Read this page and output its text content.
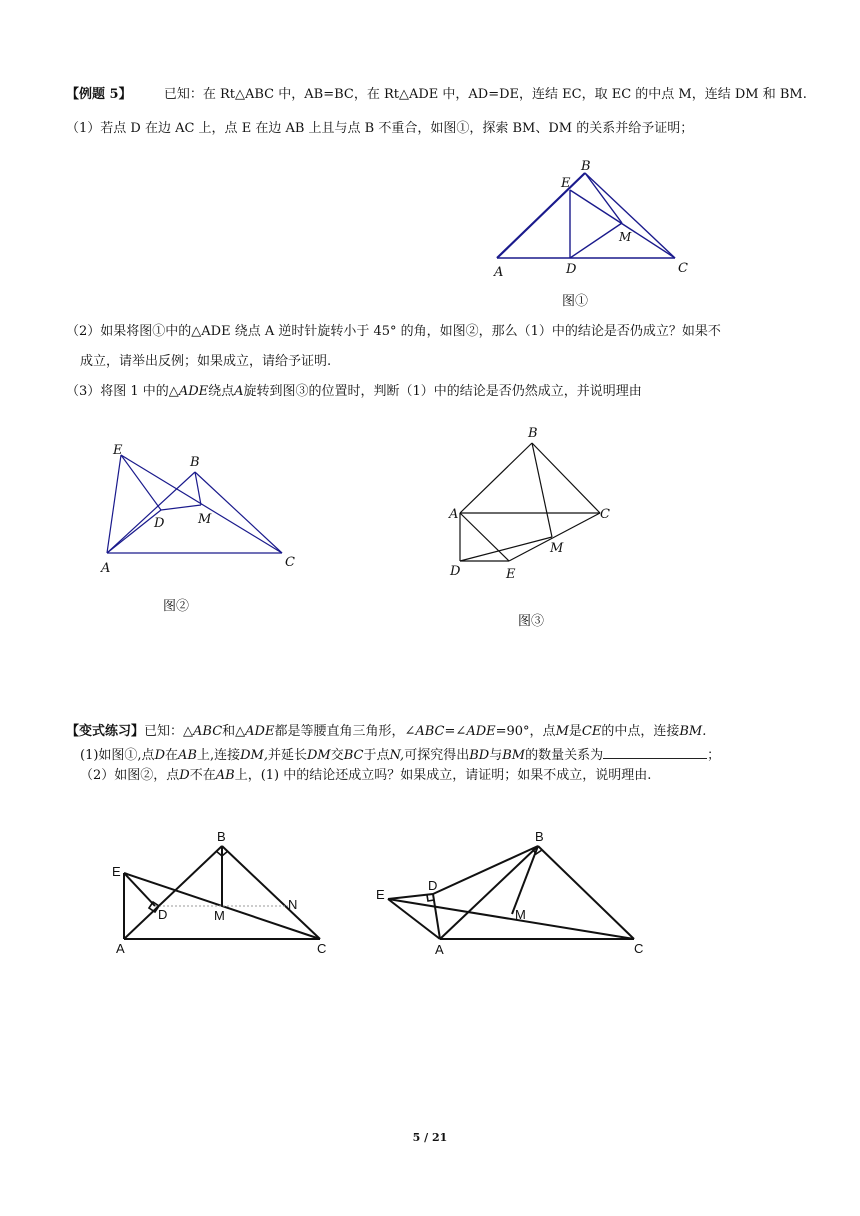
【例题 5】 已知：在 Rt△ABC 中，AB=BC，在 Rt△ADE 中，AD=DE，连结 EC，取 EC 的中点 M，连结 DM 和 BM.
（1）若点 D 在边 AC 上，点 E 在边 AB 上且与点 B 不重合，如图①，探索 BM、DM 的关系并给予证明；
A
B
C
D
E
M
图①
（2）如果将图①中的△ADE 绕点 A 逆时针旋转小于 45° 的角，如图②，那么（1）中的结论是否仍成立？如果不
成立，请举出反例；如果成立，请给予证明.
（3）将图 1 中的△ADE绕点A旋转到图③的位置时，判断（1）中的结论是否仍然成立，并说明理由
A
B
C
D
E
M
图②
A
B
C
D	E
M
图③
【变式练习】已知：△ABC和△ADE都是等腰直角三角形，∠ABC=∠ADE=90°，点M是CE的中点，连接BM.
(1)如图①,点D在AB上,连接DM,并延长DM交BC于点N,可探究得出BD与BM的数量关系为	；
（2）如图②，点D不在AB上，(1) 中的结论还成立吗？如果成立，请证明；如果不成立，说明理由.
A
B
C
D
E
M
N
A
B
C
D
E
M
5 / 21
